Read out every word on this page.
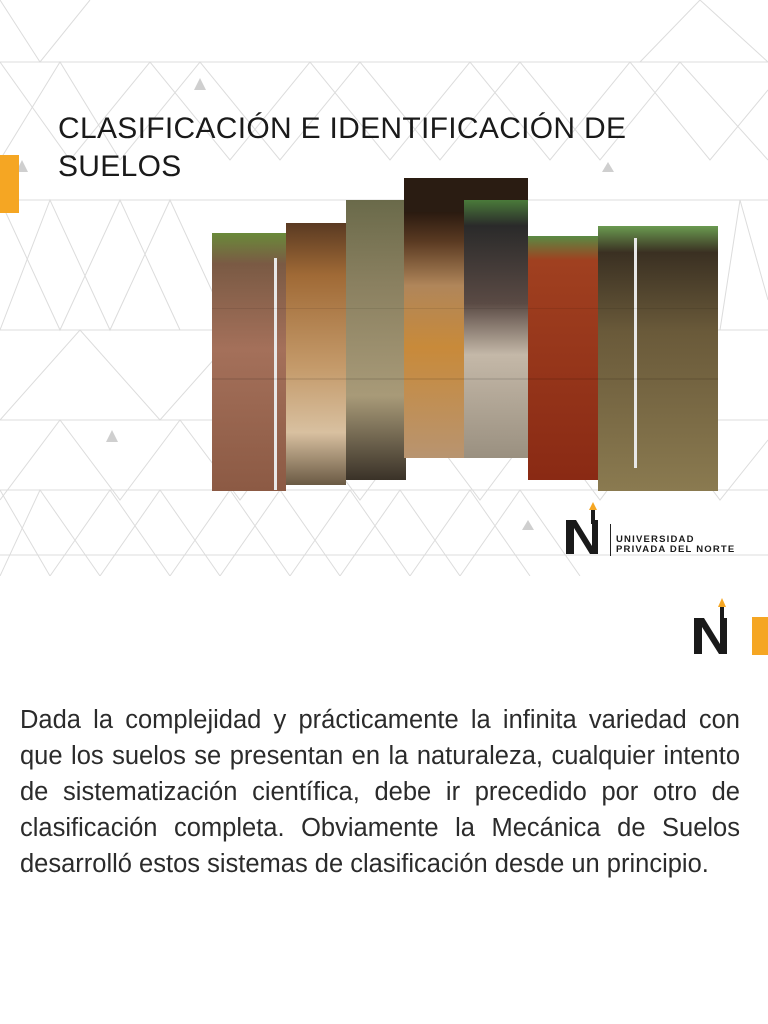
CLASIFICACIÓN E IDENTIFICACIÓN DE SUELOS
UNIVERSIDAD
PRIVADA DEL NORTE

Dada la complejidad y prácticamente la infinita variedad con que los suelos se presentan en la naturaleza, cualquier intento de sistematización científica, debe ir precedido por otro de clasificación completa. Obviamente la Mecánica de Suelos desarrolló estos sistemas de clasificación desde un principio.
